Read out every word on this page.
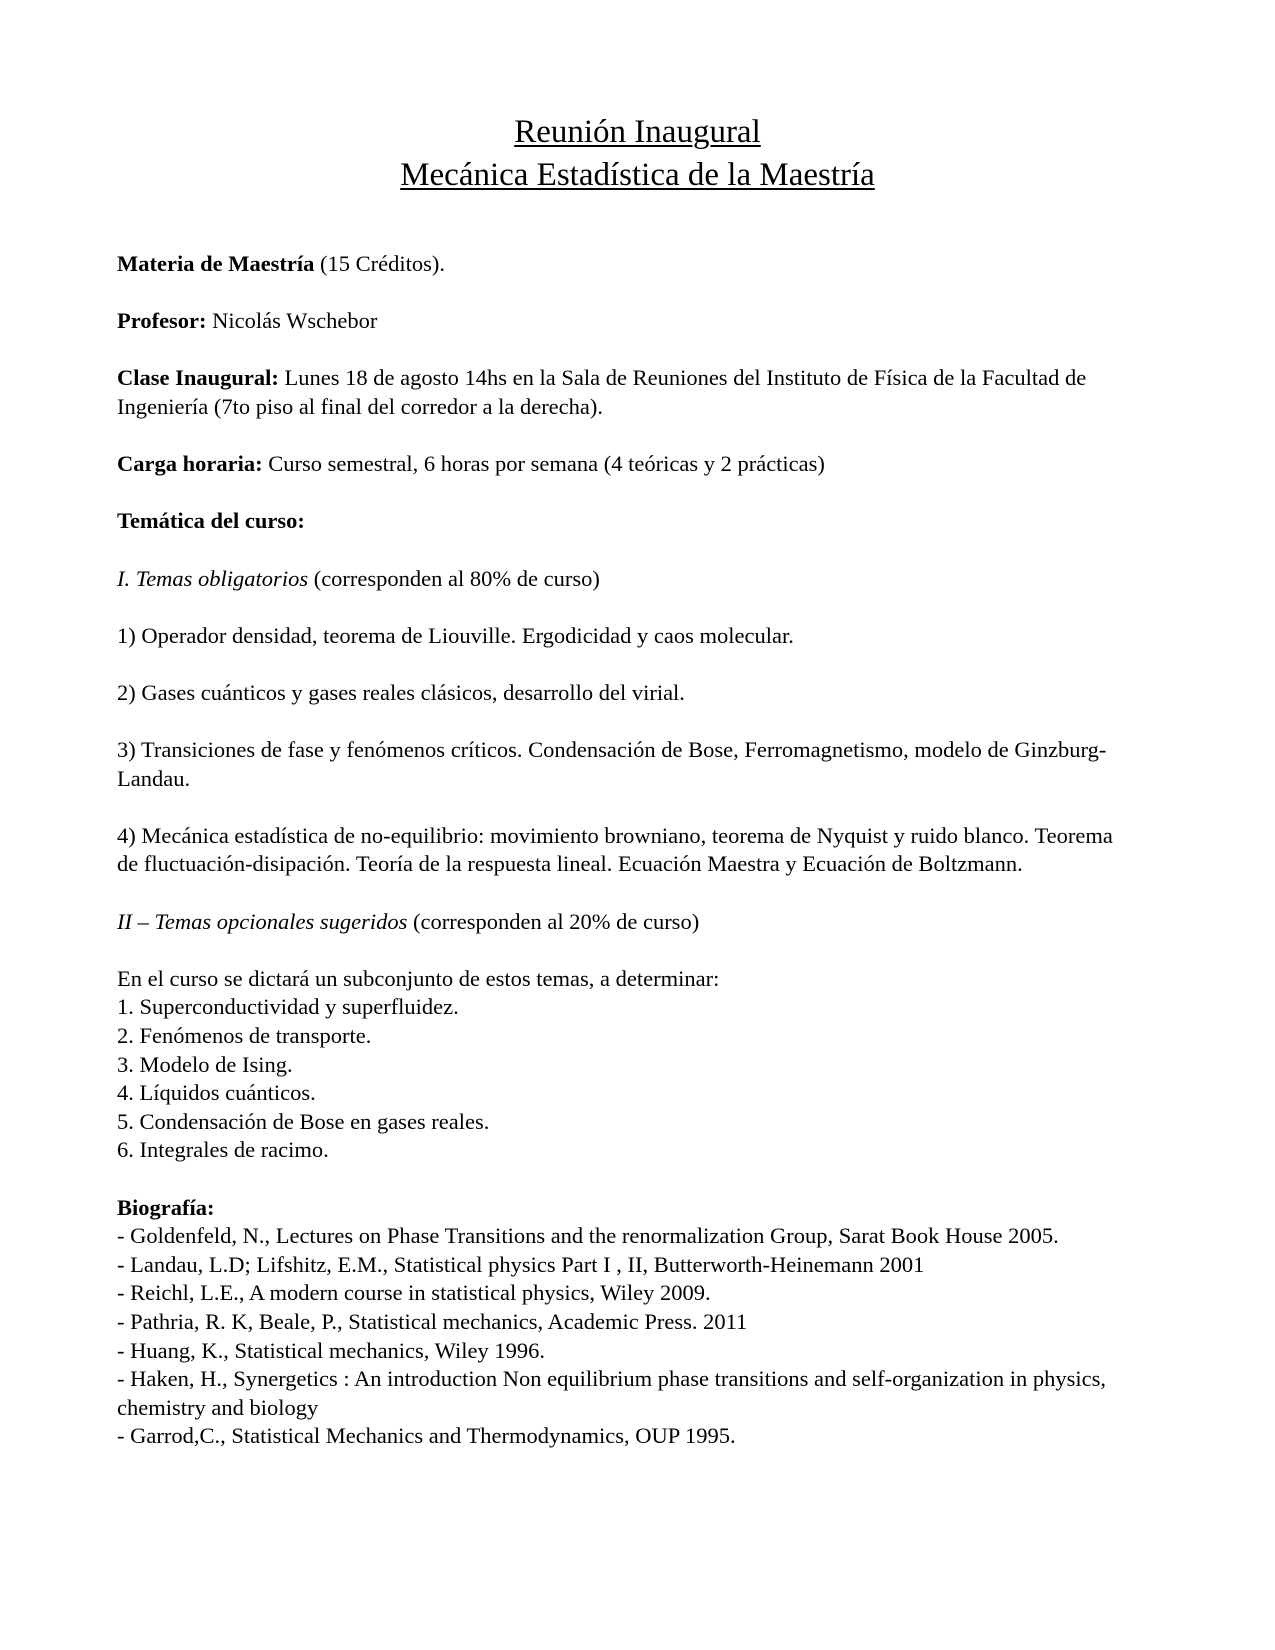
Reunión Inaugural
Mecánica Estadística de la Maestría

Materia de Maestría (15 Créditos).

Profesor: Nicolás Wschebor

Clase Inaugural: Lunes 18 de agosto 14hs en la Sala de Reuniones del Instituto de Física de la Facultad de Ingeniería (7to piso al final del corredor a la derecha).

Carga horaria: Curso semestral, 6 horas por semana (4 teóricas y 2 prácticas)

Temática del curso:

I. Temas obligatorios (corresponden al 80% de curso)

1) Operador densidad, teorema de Liouville. Ergodicidad y caos molecular.

2) Gases cuánticos y gases reales clásicos, desarrollo del virial.

3) Transiciones de fase y fenómenos críticos. Condensación de Bose, Ferromagnetismo, modelo de Ginzburg-Landau.

4) Mecánica estadística de no-equilibrio: movimiento browniano, teorema de Nyquist y ruido blanco. Teorema de fluctuación-disipación. Teoría de la respuesta lineal. Ecuación Maestra y Ecuación de Boltzmann.

II – Temas opcionales sugeridos (corresponden al 20% de curso)

En el curso se dictará un subconjunto de estos temas, a determinar:

1. Superconductividad y superfluidez.
2. Fenómenos de transporte.
3. Modelo de Ising.
4. Líquidos cuánticos.
5. Condensación de Bose en gases reales.
6. Integrales de racimo.

Biografía:

- Goldenfeld, N., Lectures on Phase Transitions and the renormalization Group, Sarat Book House 2005.
- Landau, L.D; Lifshitz, E.M., Statistical physics Part I , II, Butterworth-Heinemann 2001
- Reichl, L.E., A modern course in statistical physics, Wiley 2009.
- Pathria, R. K, Beale, P., Statistical mechanics, Academic Press. 2011
- Huang, K., Statistical mechanics, Wiley 1996.
- Haken, H., Synergetics : An introduction Non equilibrium phase transitions and self-organization in physics, chemistry and biology
- Garrod,C., Statistical Mechanics and Thermodynamics, OUP 1995.
